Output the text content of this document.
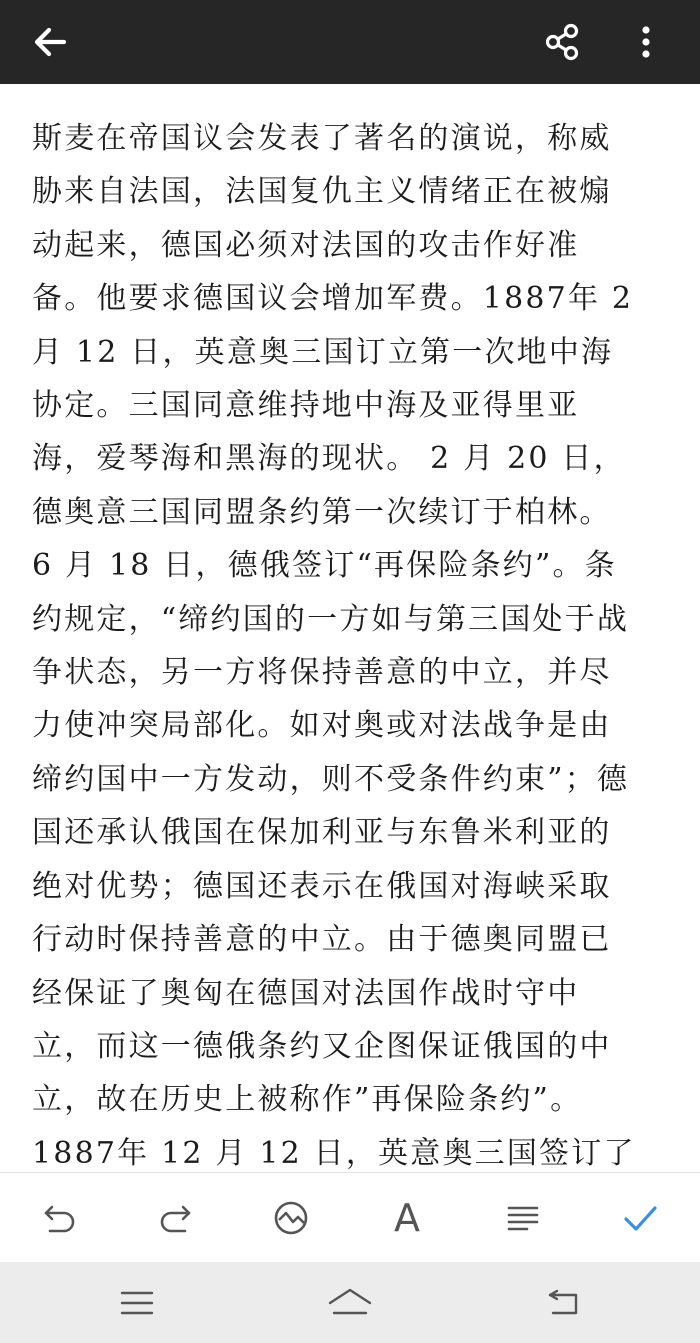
斯麦在帝国议会发表了著名的演说，称威
胁来自法国，法国复仇主义情绪正在被煽
动起来，德国必须对法国的攻击作好准
备。他要求德国议会增加军费。1887年 2
月 12 日，英意奥三国订立第一次地中海
协定。三国同意维持地中海及亚得里亚
海，爱琴海和黑海的现状。 2 月 20 日，
德奥意三国同盟条约第一次续订于柏林。
6 月 18 日，德俄签订“再保险条约”。条
约规定，“缔约国的一方如与第三国处于战
争状态，另一方将保持善意的中立，并尽
力使冲突局部化。如对奥或对法战争是由
缔约国中一方发动，则不受条件约束”；德
国还承认俄国在保加利亚与东鲁米利亚的
绝对优势；德国还表示在俄国对海峡采取
行动时保持善意的中立。由于德奥同盟已
经保证了奥匈在德国对法国作战时守中
立，而这一德俄条约又企图保证俄国的中
立，故在历史上被称作”再保险条约”。
1887年 12 月 12 日，英意奥三国签订了

A
